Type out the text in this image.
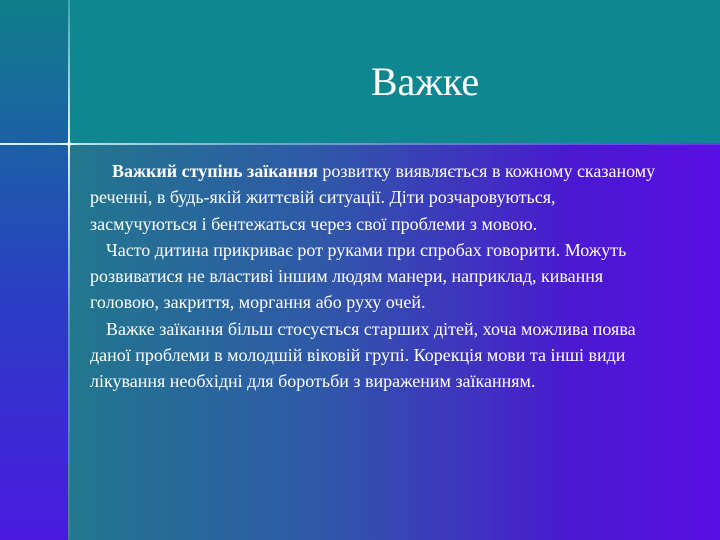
Важке

Важкий ступінь заїкання розвитку виявляється в кожному сказаному реченні, в будь-якій життєвій ситуації. Діти розчаровуються, засмучуються і бентежаться через свої проблеми з мовою.

Часто дитина прикриває рот руками при спробах говорити. Можуть розвиватися не властиві іншим людям манери, наприклад, кивання головою, закриття, моргання або руху очей.

Важке заїкання більш стосується старших дітей, хоча можлива поява даної проблеми в молодшій віковій групі. Корекція мови та інші види лікування необхідні для боротьби з вираженим заїканням.
